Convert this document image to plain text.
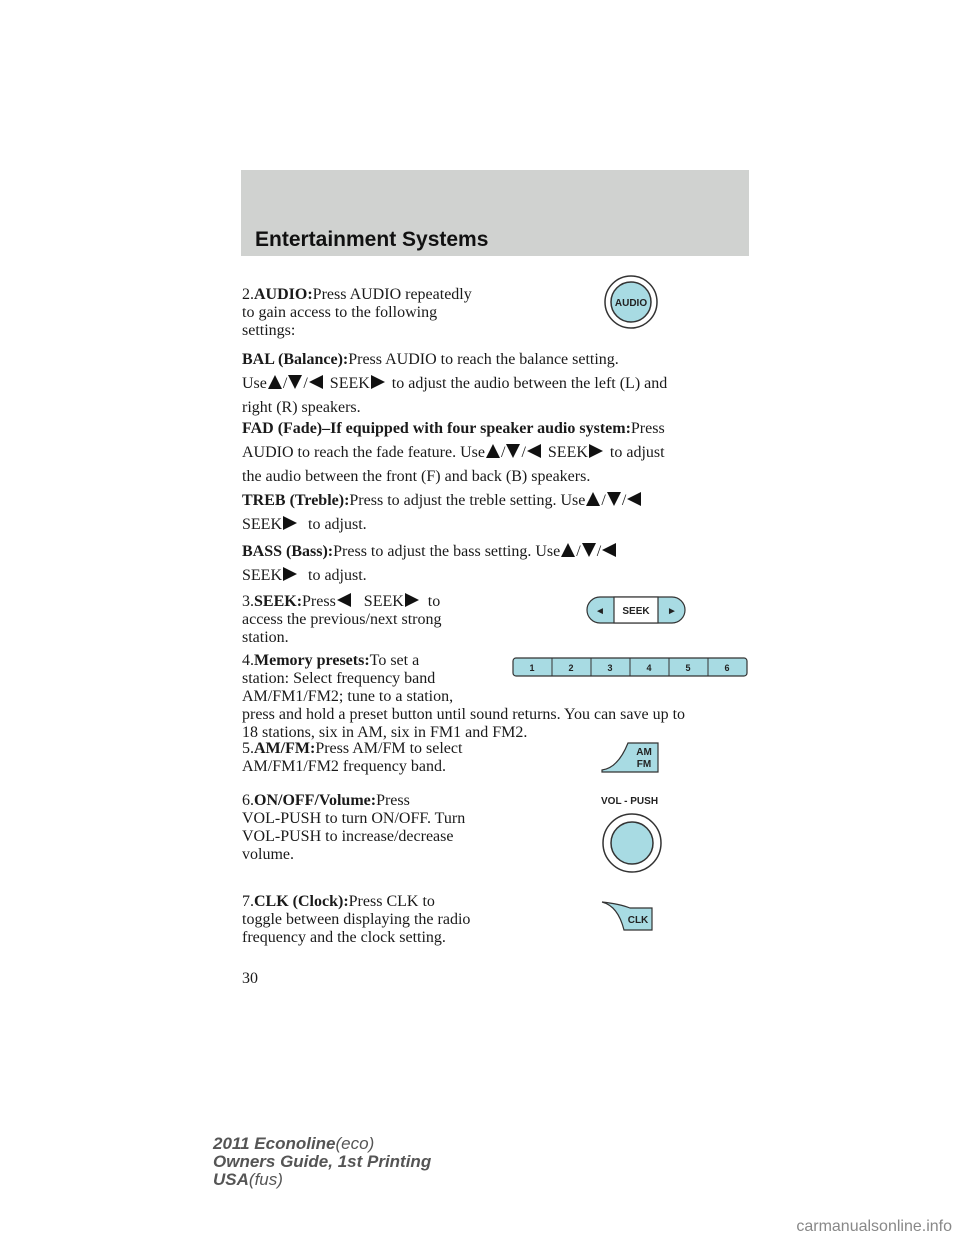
Entertainment Systems
2.AUDIO:Press AUDIO repeatedly
to gain access to the following
settings:
AUDIO
BAL (Balance):Press AUDIO to reach the balance setting.
Use / / SEEK to adjust the audio between the left (L) and
right (R) speakers.
FAD (Fade)–If equipped with four speaker audio system:Press
AUDIO to reach the fade feature. Use / / SEEK to adjust
the audio between the front (F) and back (B) speakers.
TREB (Treble):Press to adjust the treble setting. Use / /
SEEK to adjust.
BASS (Bass):Press to adjust the bass setting. Use / /
SEEK to adjust.
3.SEEK:Press SEEK to
access the previous/next strong
station.
◄ SEEK ►
4.Memory presets:To set a
station: Select frequency band
AM/FM1/FM2; tune to a station,
press and hold a preset button until sound returns. You can save up to
18 stations, six in AM, six in FM1 and FM2.
1	2	3	4	5	6
5.AM/FM:Press AM/FM to select
AM/FM1/FM2 frequency band.
AM
FM
6.ON/OFF/Volume:Press
VOL-PUSH to turn ON/OFF. Turn
VOL-PUSH to increase/decrease
volume.
VOL - PUSH
7.CLK (Clock):Press CLK to
toggle between displaying the radio
frequency and the clock setting.
CLK
30
2011 Econoline(eco)
Owners Guide, 1st Printing
USA(fus)
carmanualsonline.info
